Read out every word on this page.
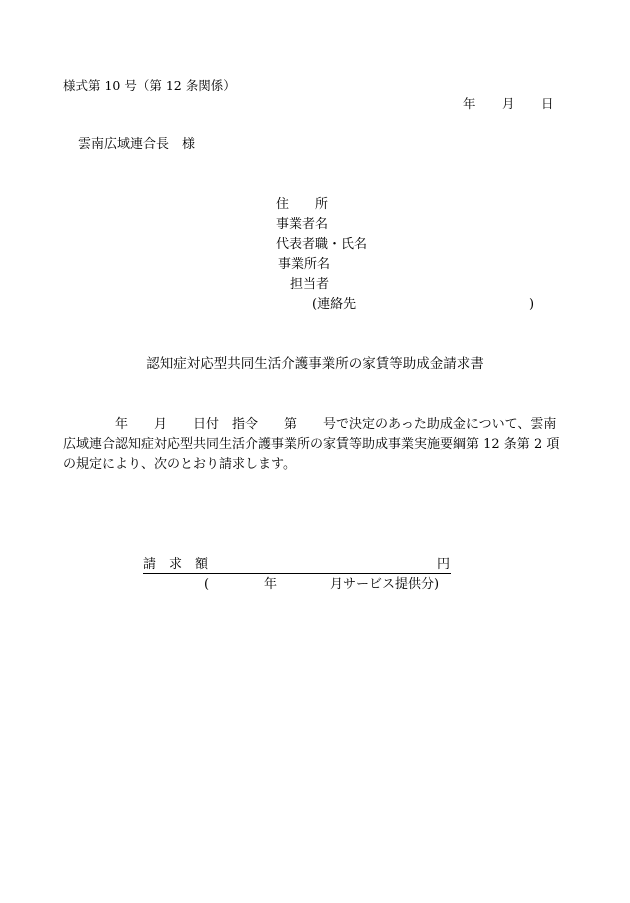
様式第 10 号（第 12 条関係）
年 月 日
雲南広域連合長　様
住　　所
事業者名
代表者職・氏名
事業所名
担当者
(連絡先	)
認知症対応型共同生活介護事業所の家賃等助成金請求書
　　　　年　　月　　日付　指令　　第　　号で決定のあった助成金について、雲南
広域連合認知症対応型共同生活介護事業所の家賃等助成事業実施要綱第 12 条第 2 項
の規定により、次のとおり請求します。
請　求　額	円
(	年	月サービス提供分)
